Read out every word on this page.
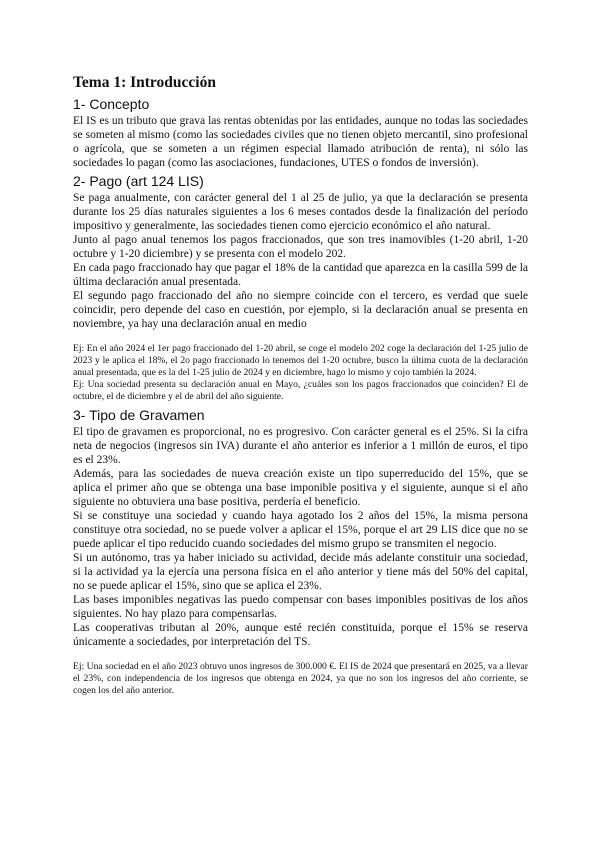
Tema 1: Introducción
1- Concepto

El IS es un tributo que grava las rentas obtenidas por las entidades, aunque no todas las sociedades se someten al mismo (como las sociedades civiles que no tienen objeto mercantil, sino profesional o agrícola, que se someten a un régimen especial llamado atribución de renta), ni sólo las sociedades lo pagan (como las asociaciones, fundaciones, UTES o fondos de inversión).

2- Pago (art 124 LIS)

Se paga anualmente, con carácter general del 1 al 25 de julio, ya que la declaración se presenta durante los 25 días naturales siguientes a los 6 meses contados desde la finalización del período impositivo y generalmente, las sociedades tienen como ejercicio económico el año natural.

Junto al pago anual tenemos los pagos fraccionados, que son tres inamovibles (1-20 abril, 1-20 octubre y 1-20 diciembre) y se presenta con el modelo 202.

En cada pago fraccionado hay que pagar el 18% de la cantidad que aparezca en la casilla 599 de la última declaración anual presentada.

El segundo pago fraccionado del año no siempre coincide con el tercero, es verdad que suele coincidir, pero depende del caso en cuestión, por ejemplo, si la declaración anual se presenta en noviembre, ya hay una declaración anual en medio

Ej: En el año 2024 el 1er pago fraccionado del 1-20 abril, se coge el modelo 202 coge la declaración del 1-25 julio de 2023 y le aplica el 18%, el 2o pago fraccionado lo tenemos del 1-20 octubre, busco la última cuota de la declaración anual presentada, que es la del 1-25 julio de 2024 y en diciembre, hago lo mismo y cojo también la 2024.

Ej: Una sociedad presenta su declaración anual en Mayo, ¿cuáles son los pagos fraccionados que coinciden? El de octubre, el de diciembre y el de abril del año siguiente.

3- Tipo de Gravamen

El tipo de gravamen es proporcional, no es progresivo. Con carácter general es el 25%. Si la cifra neta de negocios (ingresos sin IVA) durante el año anterior es inferior a 1 millón de euros, el tipo es el 23%.

Además, para las sociedades de nueva creación existe un tipo superreducido del 15%, que se aplica el primer año que se obtenga una base imponible positiva y el siguiente, aunque si el año siguiente no obtuviera una base positiva, perdería el beneficio.

Si se constituye una sociedad y cuando haya agotado los 2 años del 15%, la misma persona constituye otra sociedad, no se puede volver a aplicar el 15%, porque el art 29 LIS dice que no se puede aplicar el tipo reducido cuando sociedades del mismo grupo se transmiten el negocio.

Si un autónomo, tras ya haber iniciado su actividad, decide más adelante constituir una sociedad, si la actividad ya la ejercía una persona física en el año anterior y tiene más del 50% del capital, no se puede aplicar el 15%, sino que se aplica el 23%.

Las bases imponibles negativas las puedo compensar con bases imponibles positivas de los años siguientes. No hay plazo para compensarlas.

Las cooperativas tributan al 20%, aunque esté recién constituida, porque el 15% se reserva únicamente a sociedades, por interpretación del TS.

Ej: Una sociedad en el año 2023 obtuvo unos ingresos de 300.000 €. El IS de 2024 que presentará en 2025, va a llevar el 23%, con independencia de los ingresos que obtenga en 2024, ya que no son los ingresos del año corriente, se cogen los del año anterior.
